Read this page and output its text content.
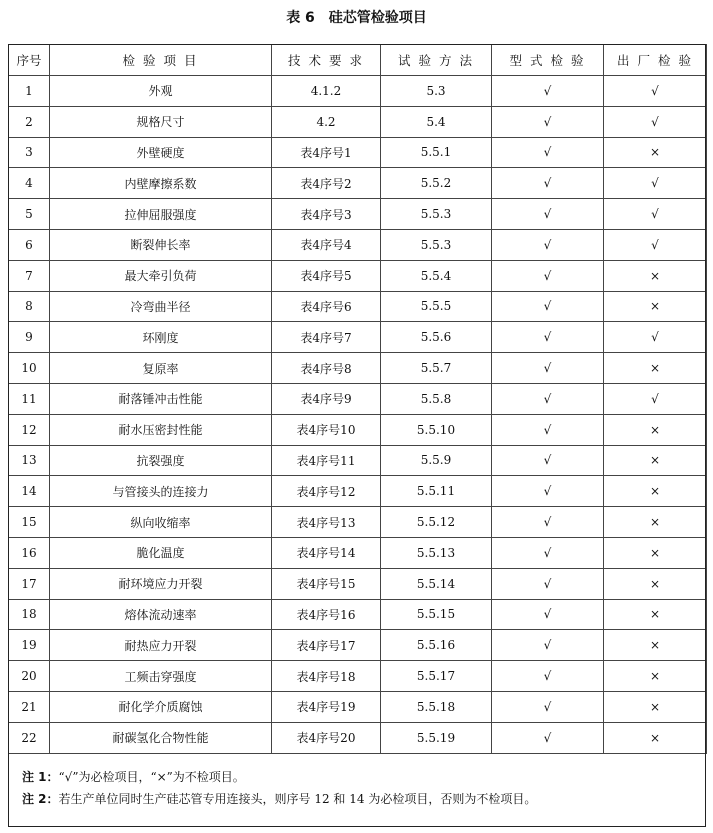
表 6　硅芯管检验项目
序号	检 验 项 目	技 术 要 求	试 验 方 法	型 式 检 验	出 厂 检 验
1	外观	4.1.2	5.3	√	√
2	规格尺寸	4.2	5.4	√	√
3	外壁硬度	表4序号1	5.5.1	√	×
4	内壁摩擦系数	表4序号2	5.5.2	√	√
5	拉伸屈服强度	表4序号3	5.5.3	√	√
6	断裂伸长率	表4序号4	5.5.3	√	√
7	最大牵引负荷	表4序号5	5.5.4	√	×
8	冷弯曲半径	表4序号6	5.5.5	√	×
9	环刚度	表4序号7	5.5.6	√	√
10	复原率	表4序号8	5.5.7	√	×
11	耐落锤冲击性能	表4序号9	5.5.8	√	√
12	耐水压密封性能	表4序号10	5.5.10	√	×
13	抗裂强度	表4序号11	5.5.9	√	×
14	与管接头的连接力	表4序号12	5.5.11	√	×
15	纵向收缩率	表4序号13	5.5.12	√	×
16	脆化温度	表4序号14	5.5.13	√	×
17	耐环境应力开裂	表4序号15	5.5.14	√	×
18	熔体流动速率	表4序号16	5.5.15	√	×
19	耐热应力开裂	表4序号17	5.5.16	√	×
20	工频击穿强度	表4序号18	5.5.17	√	×
21	耐化学介质腐蚀	表4序号19	5.5.18	√	×
22	耐碳氢化合物性能	表4序号20	5.5.19	√	×
注 1：“√”为必检项目，“×”为不检项目。
注 2：若生产单位同时生产硅芯管专用连接头，则序号 12 和 14 为必检项目，否则为不检项目。
